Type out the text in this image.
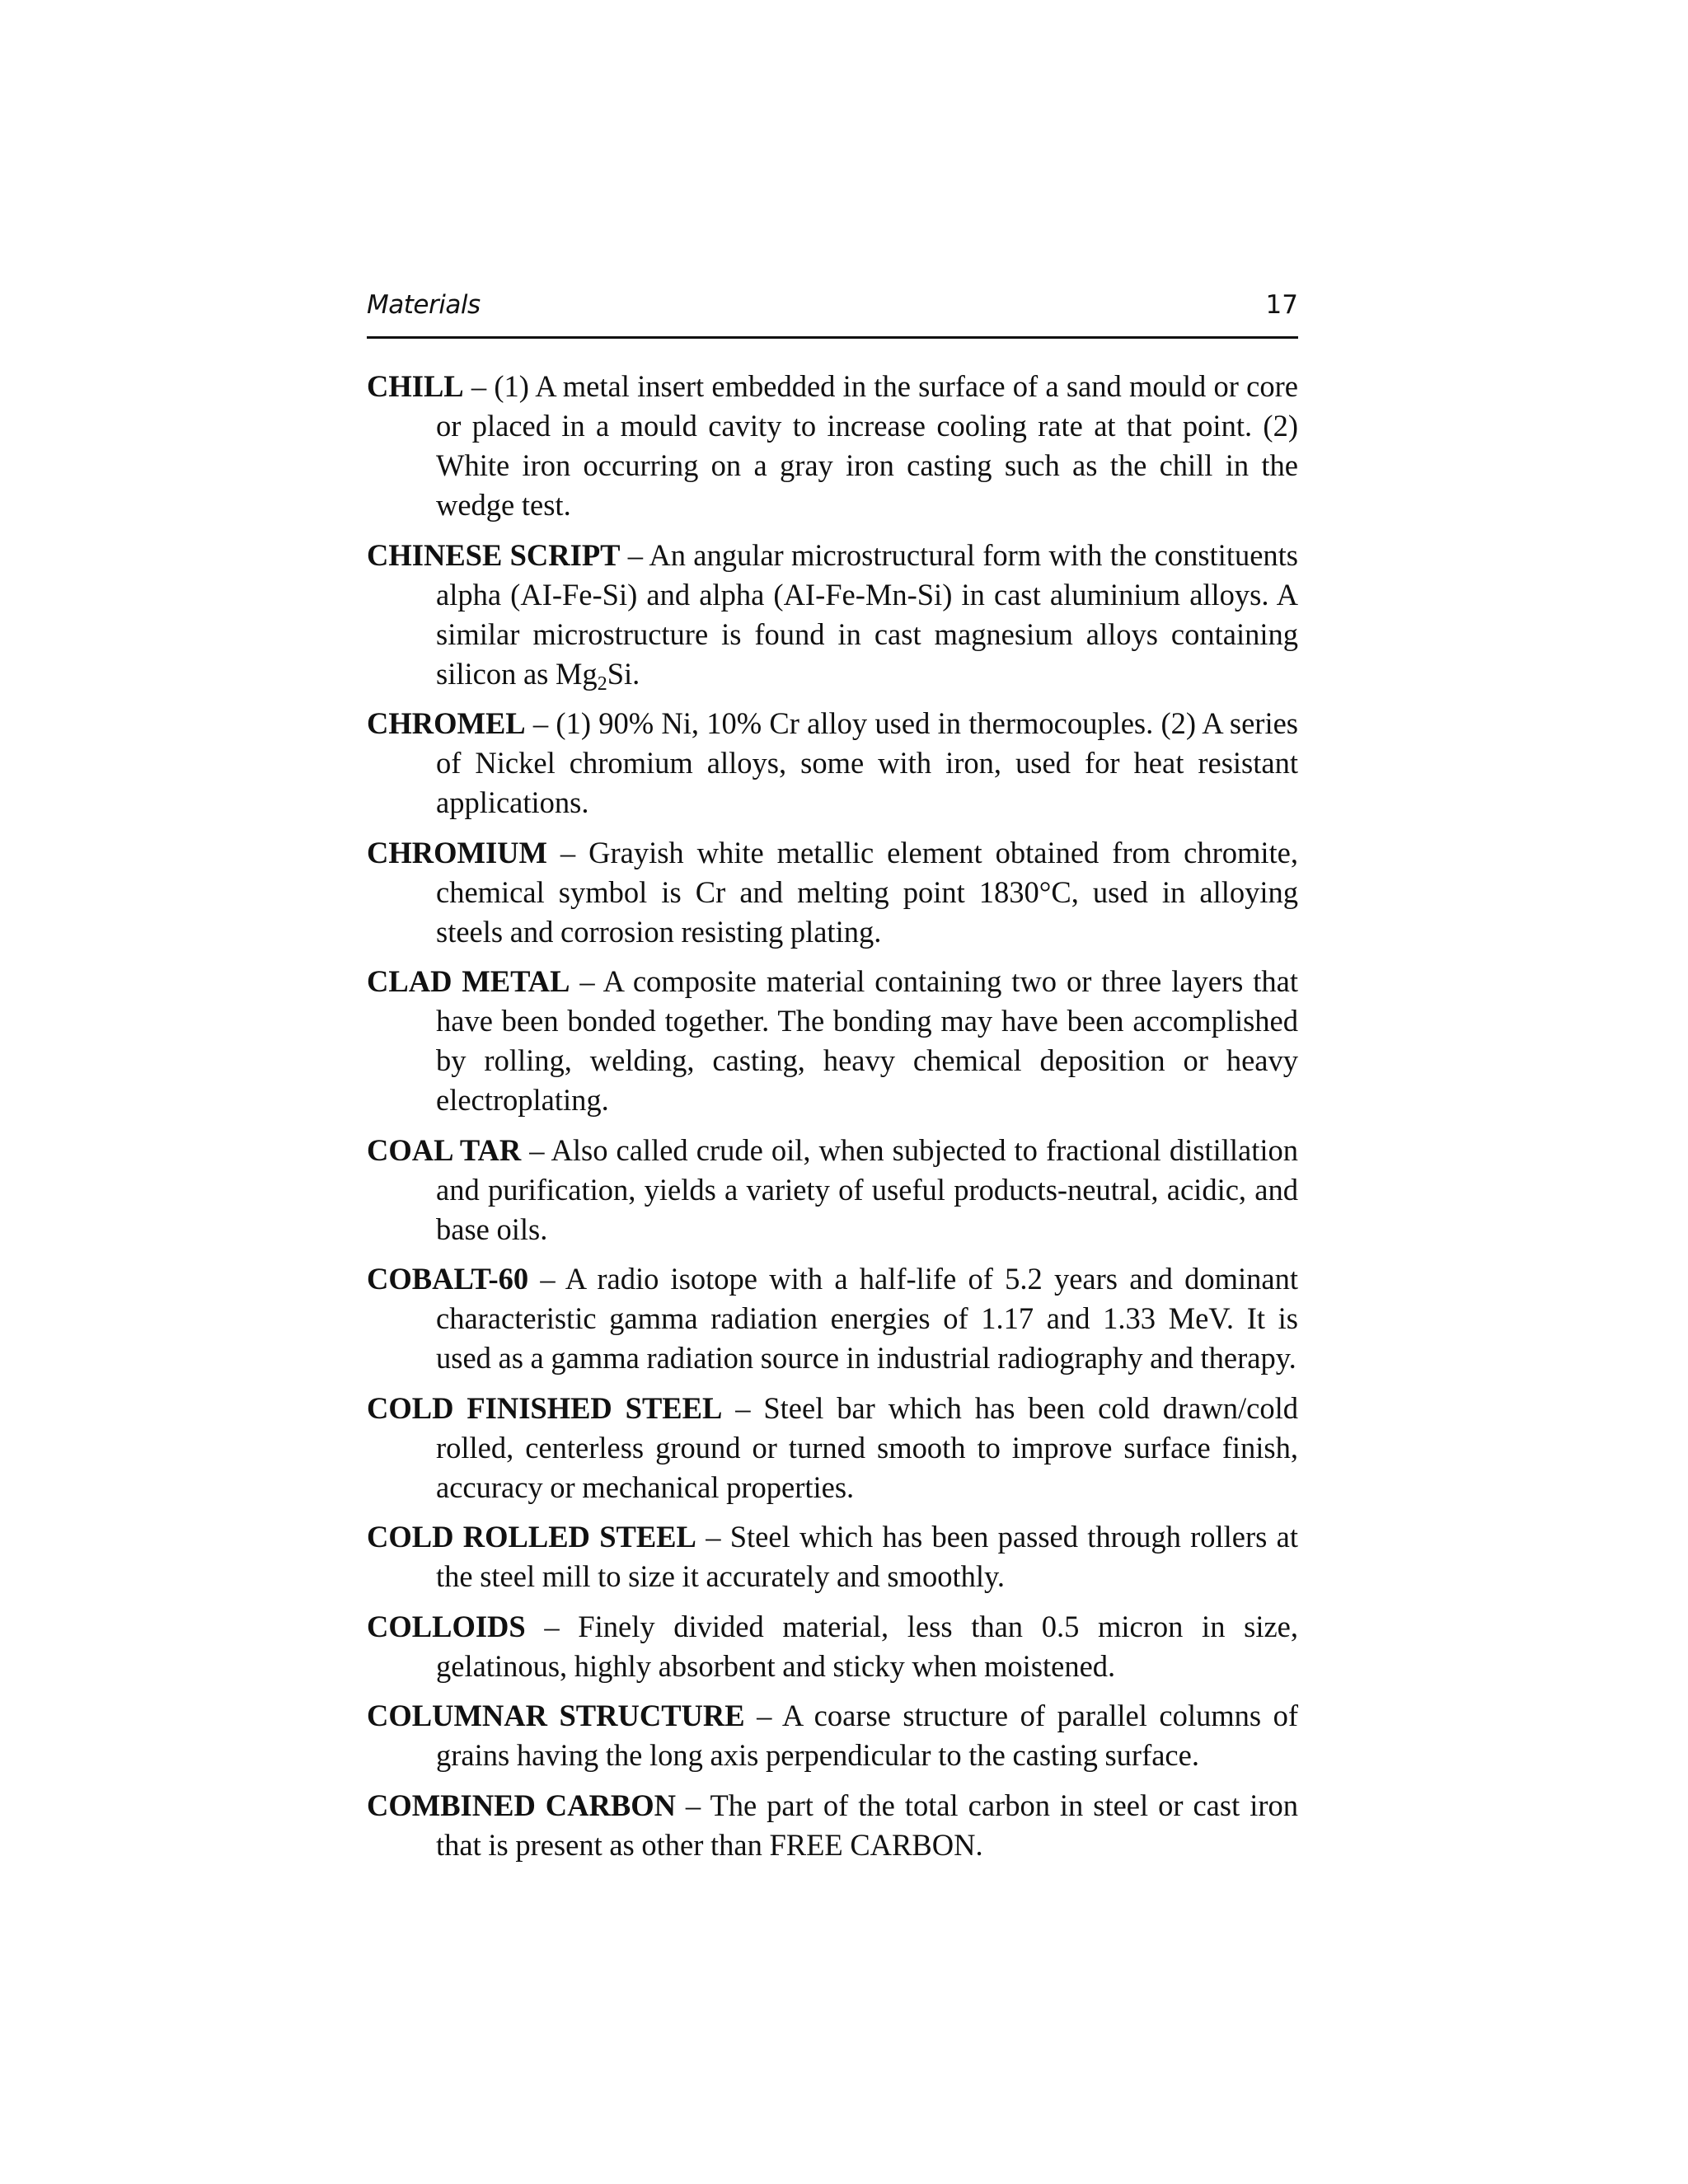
Materials	17
CHILL – (1) A metal insert embedded in the surface of a sand mould or core or placed in a mould cavity to increase cooling rate at that point. (2) White iron occurring on a gray iron casting such as the chill in the wedge test.
CHINESE SCRIPT – An angular microstructural form with the constituents alpha (AI-Fe-Si) and alpha (AI-Fe-Mn-Si) in cast aluminium alloys. A similar microstructure is found in cast magnesium alloys containing silicon as $Mg_2Si$.
CHROMEL – (1) 90% Ni, 10% Cr alloy used in thermocouples. (2) A series of Nickel chromium alloys, some with iron, used for heat resistant applications.
CHROMIUM – Grayish white metallic element obtained from chromite, chemical symbol is Cr and melting point 1830°C, used in alloying steels and corrosion resisting plating.
CLAD METAL – A composite material containing two or three layers that have been bonded together. The bonding may have been accomplished by rolling, welding, casting, heavy chemical deposition or heavy electroplating.
COAL TAR – Also called crude oil, when subjected to fractional distillation and purification, yields a variety of useful products-neutral, acidic, and base oils.
COBALT-60 – A radio isotope with a half-life of 5.2 years and dominant characteristic gamma radiation energies of 1.17 and 1.33 MeV. It is used as a gamma radiation source in industrial radiography and therapy.
COLD FINISHED STEEL – Steel bar which has been cold drawn/cold rolled, centerless ground or turned smooth to improve surface finish, accuracy or mechanical properties.
COLD ROLLED STEEL – Steel which has been passed through rollers at the steel mill to size it accurately and smoothly.
COLLOIDS – Finely divided material, less than 0.5 micron in size, gelatinous, highly absorbent and sticky when moistened.
COLUMNAR STRUCTURE – A coarse structure of parallel columns of grains having the long axis perpendicular to the casting surface.
COMBINED CARBON – The part of the total carbon in steel or cast iron that is present as other than FREE CARBON.
